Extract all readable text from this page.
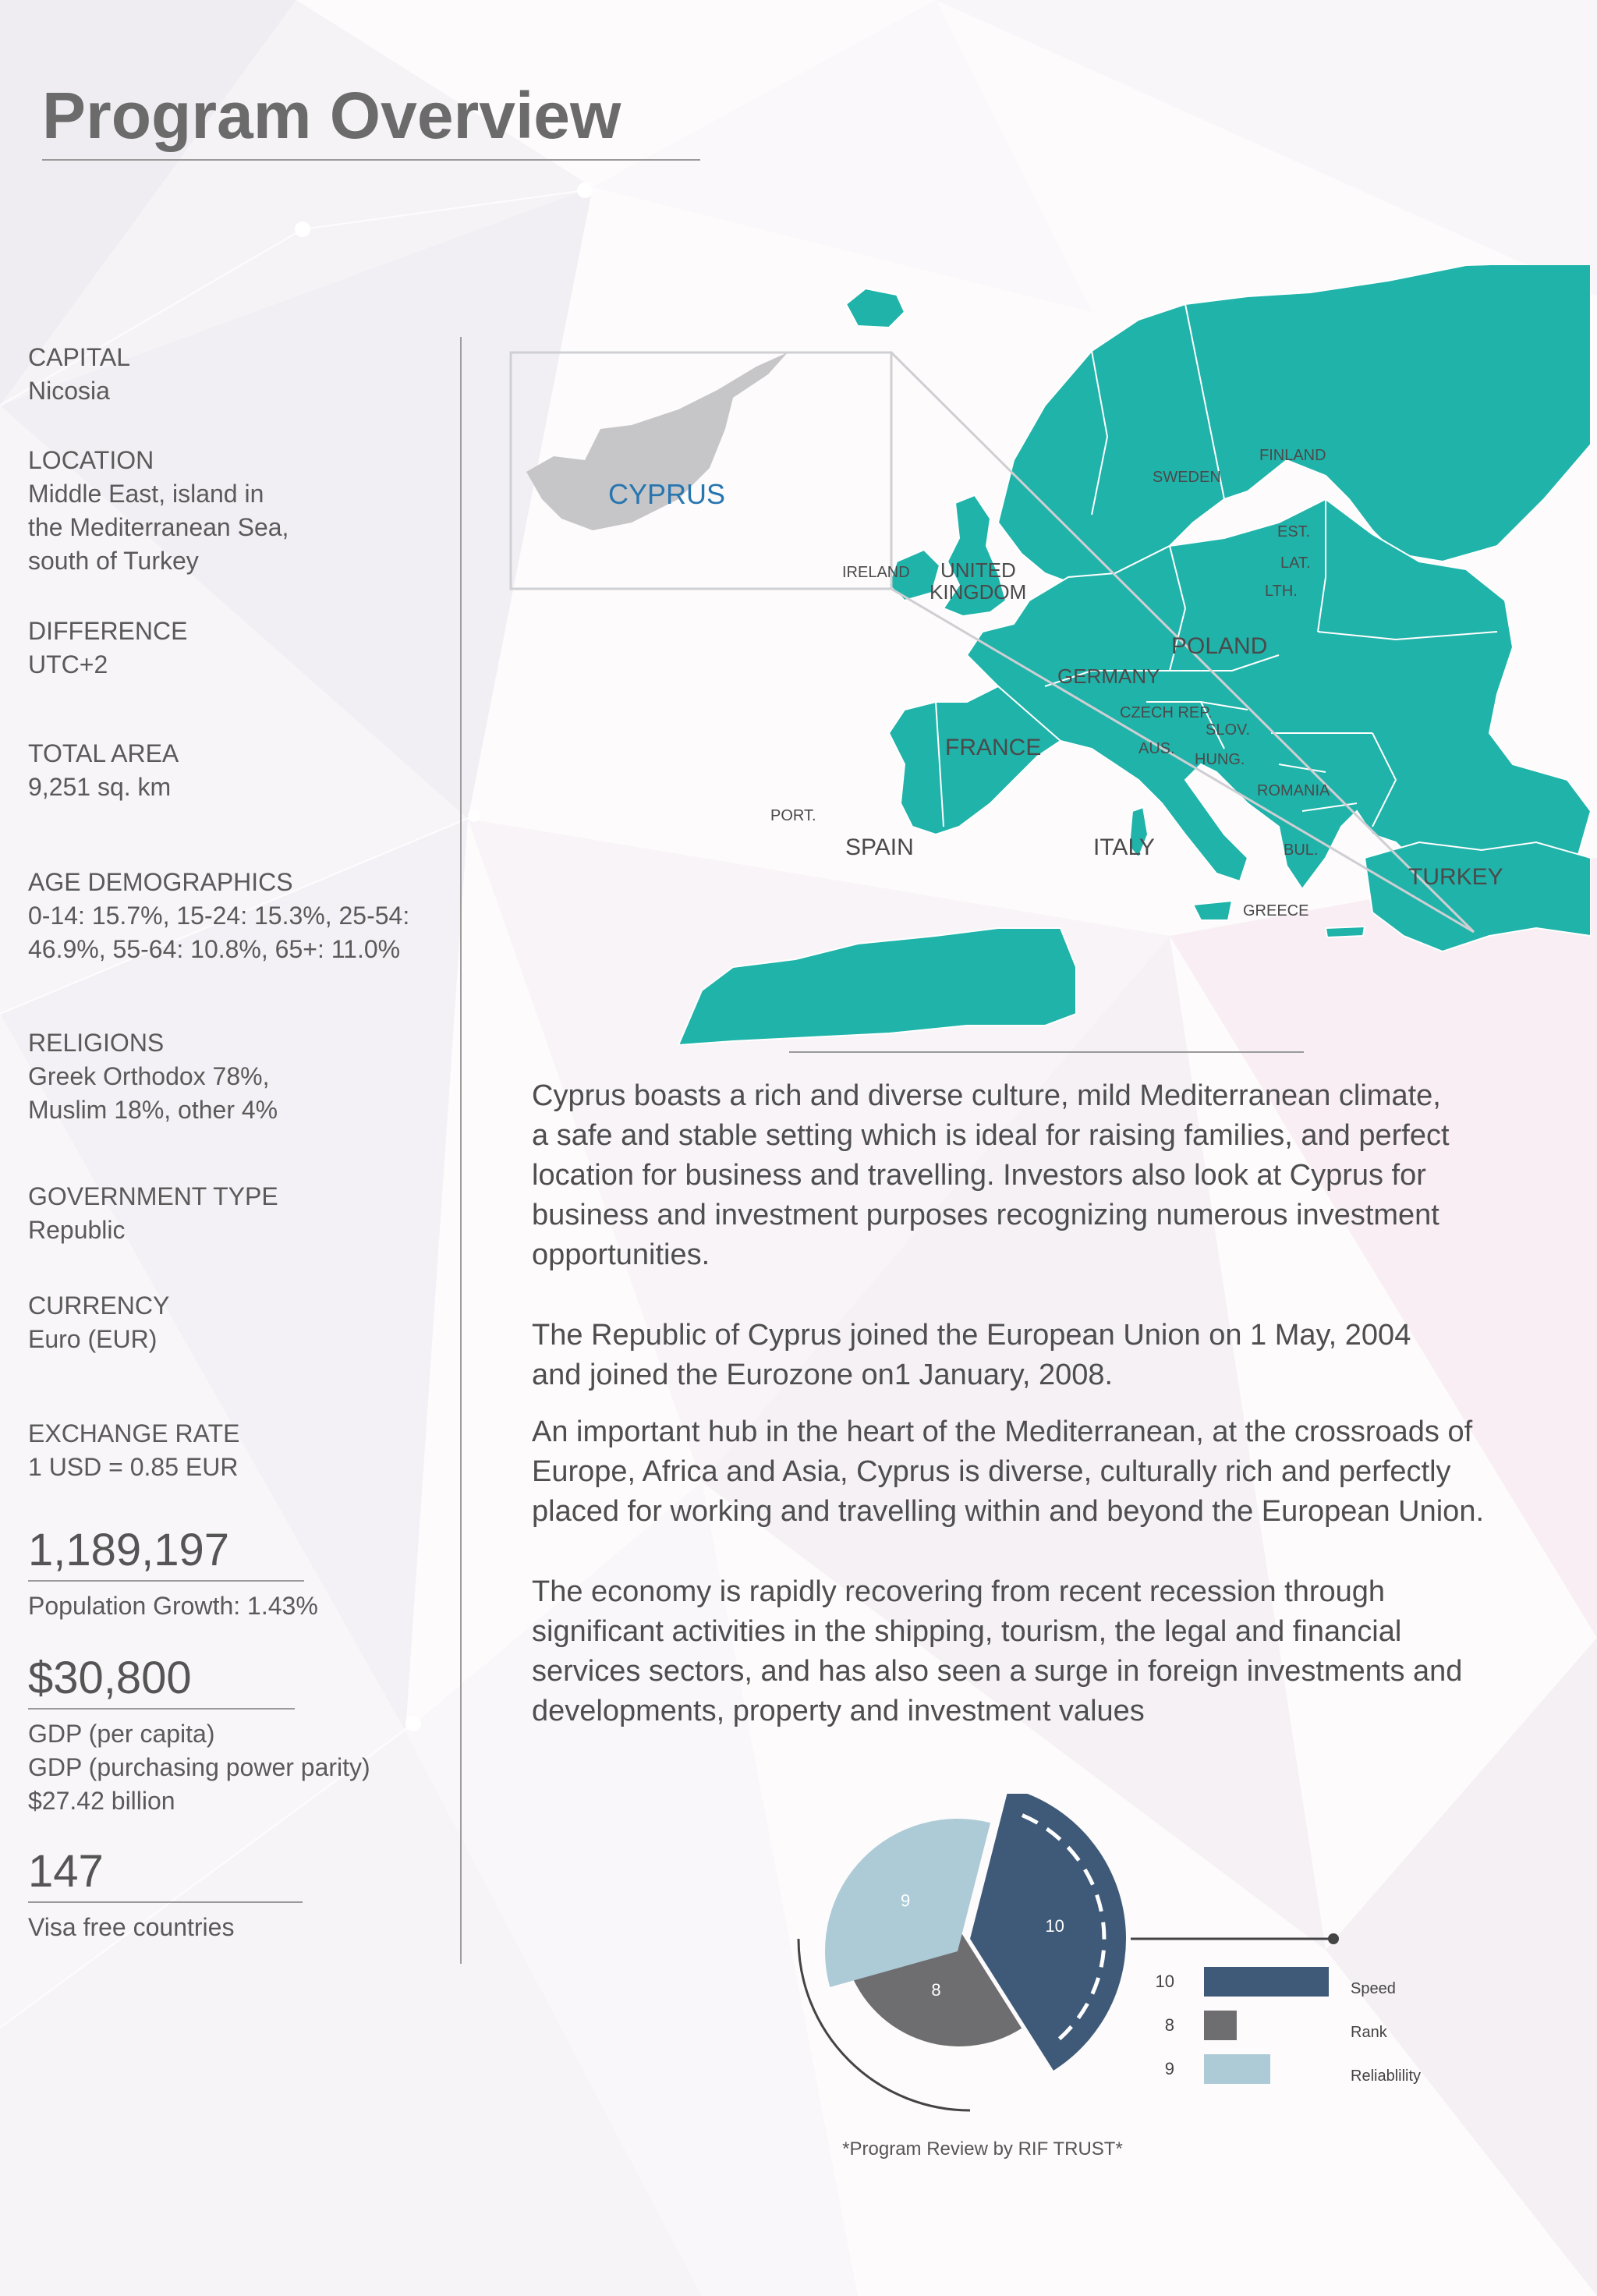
Program Overview
CAPITAL
Nicosia
LOCATION
Middle East, island in
the Mediterranean Sea,
south of Turkey
DIFFERENCE
UTC+2
TOTAL AREA
9,251 sq. km
AGE DEMOGRAPHICS
0-14: 15.7%, 15-24: 15.3%, 25-54:
46.9%, 55-64: 10.8%, 65+: 11.0%
RELIGIONS
Greek Orthodox 78%,
Muslim 18%, other 4%
GOVERNMENT TYPE
Republic
CURRENCY
Euro (EUR)
EXCHANGE RATE
1 USD = 0.85 EUR
1,189,197
Population Growth: 1.43%
$30,800
GDP (per capita)
GDP (purchasing power parity)
$27.42 billion
147
Visa free countries
CYPRUS
SWEDEN
FINLAND
EST.
LAT.
LTH.
IRELAND UNITED
KINGDOM
POLAND
GERMANY
CZECH REP.
SLOV.
AUS.
HUNG.
FRANCE
ROMANIA
PORT.
SPAIN	ITALY	BUL.
TURKEY
GREECE
Cyprus boasts a rich and diverse culture, mild Mediterranean climate,
a safe and stable setting which is ideal for raising families, and perfect
location for business and travelling. Investors also look at Cyprus for
business and investment purposes recognizing numerous investment
opportunities.
The Republic of Cyprus joined the European Union on 1 May, 2004
and joined the Eurozone on1 January, 2008.
An important hub in the heart of the Mediterranean, at the crossroads of
Europe, Africa and Asia, Cyprus is diverse, culturally rich and perfectly
placed for working and travelling within and beyond the European Union.
The economy is rapidly recovering from recent recession through
significant activities in the shipping, tourism, the legal and financial
services sectors, and has also seen a surge in foreign investments and
developments, property and investment values
10
8
9
10	Speed
8	Rank
9	Reliablility
*Program Review by RIF TRUST*
